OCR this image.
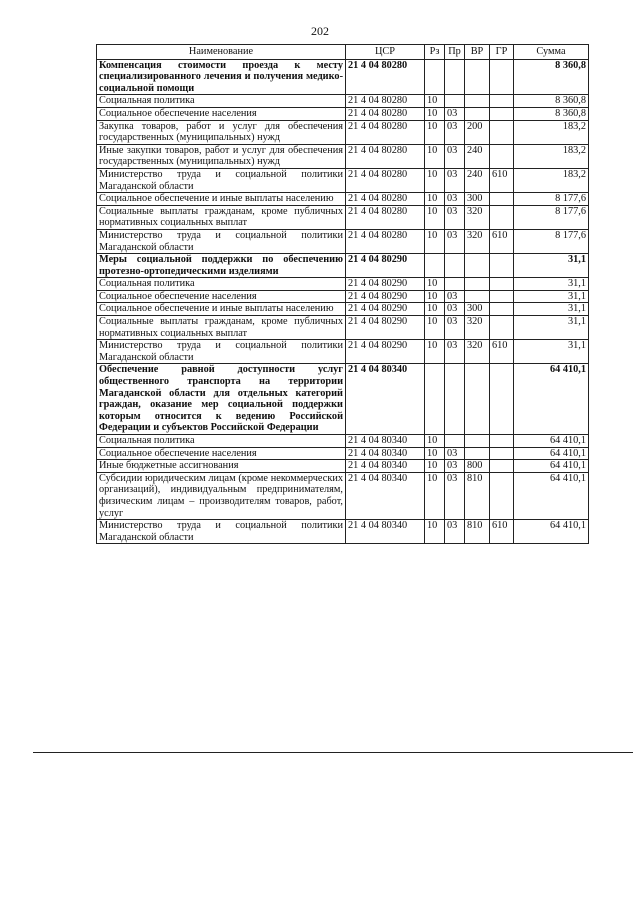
202
Наименование	ЦСР	Рз	Пр	ВР	ГР	Сумма
Компенсация стоимости проезда к месту специализированного лечения и получения медико-социальной помощи	21 4 04 80280					8 360,8
Социальная политика	21 4 04 80280	10				8 360,8
Социальное обеспечение населения	21 4 04 80280	10	03			8 360,8
Закупка товаров, работ и услуг для обеспечения государственных (муниципальных) нужд	21 4 04 80280	10	03	200		183,2
Иные закупки товаров, работ и услуг для обеспечения государственных (муниципальных) нужд	21 4 04 80280	10	03	240		183,2
Министерство труда и социальной политики Магаданской области	21 4 04 80280	10	03	240	610	183,2
Социальное обеспечение и иные выплаты населению	21 4 04 80280	10	03	300		8 177,6
Социальные выплаты гражданам, кроме публичных нормативных социальных выплат	21 4 04 80280	10	03	320		8 177,6
Министерство труда и социальной политики Магаданской области	21 4 04 80280	10	03	320	610	8 177,6
Меры социальной поддержки по обеспечению протезно-ортопедическими изделиями	21 4 04 80290					31,1
Социальная политика	21 4 04 80290	10				31,1
Социальное обеспечение населения	21 4 04 80290	10	03			31,1
Социальное обеспечение и иные выплаты населению	21 4 04 80290	10	03	300		31,1
Социальные выплаты гражданам, кроме публичных нормативных социальных выплат	21 4 04 80290	10	03	320		31,1
Министерство труда и социальной политики Магаданской области	21 4 04 80290	10	03	320	610	31,1
Обеспечение равной доступности услуг общественного транспорта на территории Магаданской области для отдельных категорий граждан, оказание мер социальной поддержки которым относится к ведению Российской Федерации и субъектов Российской Федерации	21 4 04 80340					64 410,1
Социальная политика	21 4 04 80340	10				64 410,1
Социальное обеспечение населения	21 4 04 80340	10	03			64 410,1
Иные бюджетные ассигнования	21 4 04 80340	10	03	800		64 410,1
Субсидии юридическим лицам (кроме некоммерческих организаций), индивидуальным предпринимателям, физическим лицам – производителям товаров, работ, услуг	21 4 04 80340	10	03	810		64 410,1
Министерство труда и социальной политики Магаданской области	21 4 04 80340	10	03	810	610	64 410,1
